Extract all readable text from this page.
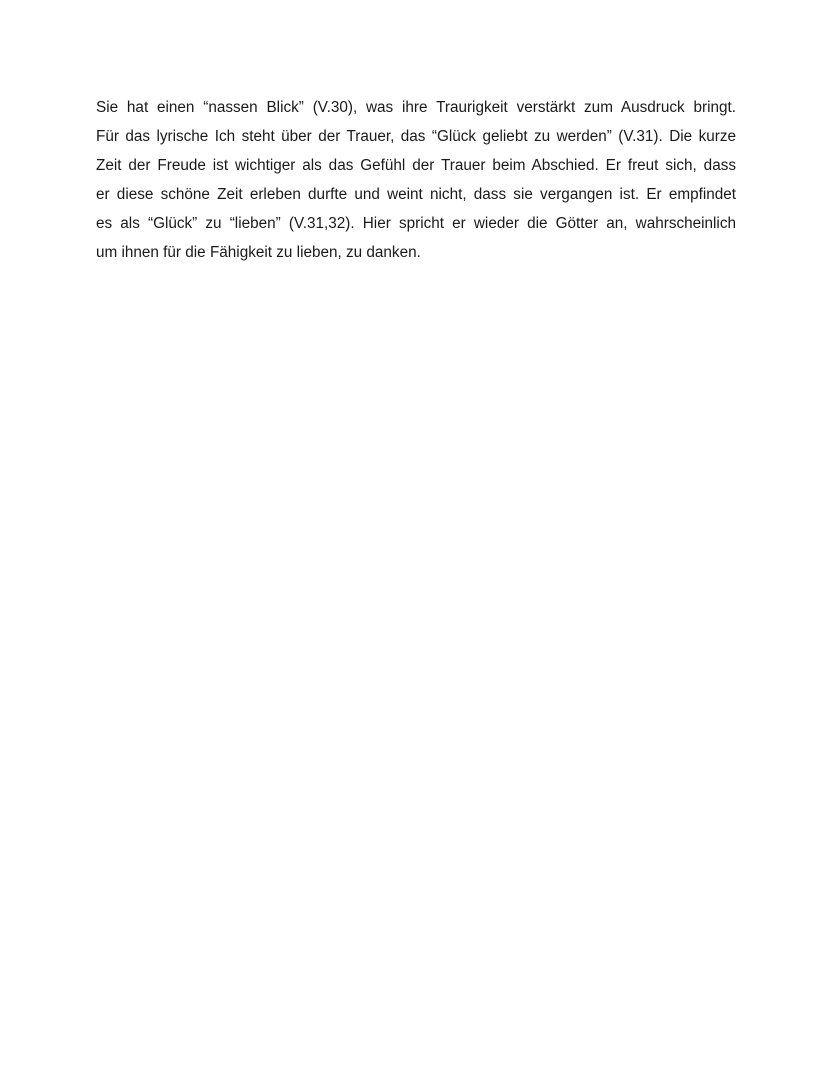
Sie hat einen “nassen Blick” (V.30), was ihre Traurigkeit verstärkt zum Ausdruck bringt.
Für das lyrische Ich steht über der Trauer, das “Glück geliebt zu werden” (V.31). Die kurze
Zeit der Freude ist wichtiger als das Gefühl der Trauer beim Abschied. Er freut sich, dass
er diese schöne Zeit erleben durfte und weint nicht, dass sie vergangen ist. Er empfindet
es als “Glück” zu “lieben” (V.31,32). Hier spricht er wieder die Götter an, wahrscheinlich
um ihnen für die Fähigkeit zu lieben, zu danken.
